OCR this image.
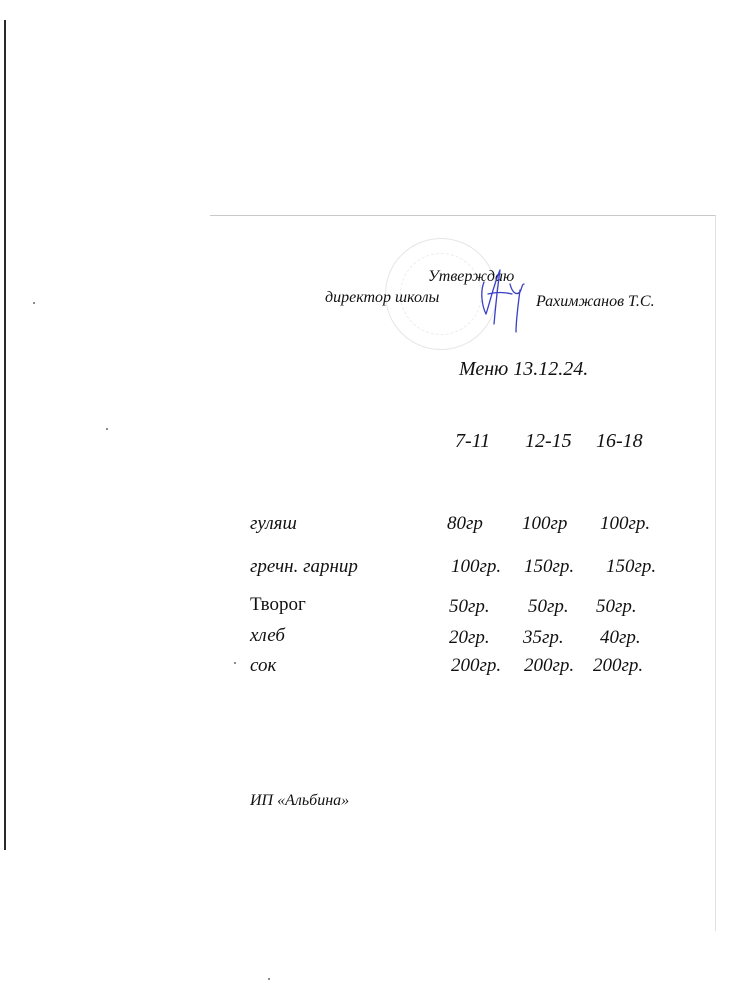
Утверждаю
директор школы	Рахимжанов Т.С.
Меню 13.12.24.
7-11 12-15 16-18
гуляш	80гр 100гр 100гр.
гречн. гарнир	100гр. 150гр. 150гр.
Творог	50гр. 50гр. 50гр.
хлеб	20гр. 35гр. 40гр.
сок	200гр. 200гр. 200гр.
ИП «Альбина»
